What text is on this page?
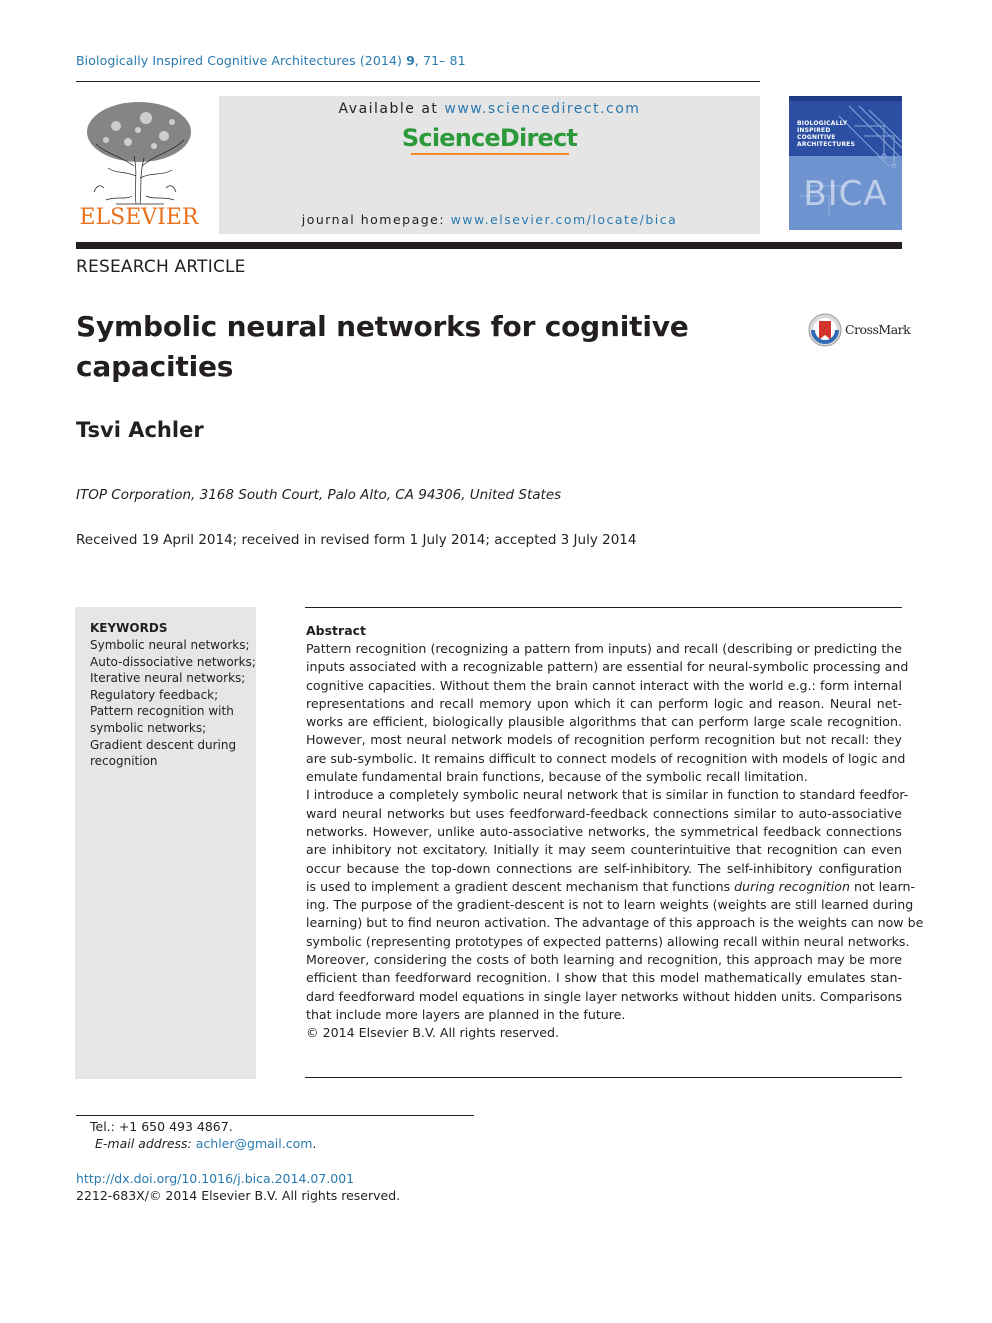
Biologically Inspired Cognitive Architectures (2014) 9, 71– 81
ELSEVIER
Available at www.sciencedirect.com
ScienceDirect
journal homepage: www.elsevier.com/locate/bica
BIOLOGICALLY INSPIRED COGNITIVE ARCHITECTURES
BICA
RESEARCH ARTICLE
Symbolic neural networks for cognitive
capacities
CrossMark
Tsvi Achler
ITOP Corporation, 3168 South Court, Palo Alto, CA 94306, United States
Received 19 April 2014; received in revised form 1 July 2014; accepted 3 July 2014
KEYWORDS
Symbolic neural networks;
Auto-dissociative networks;
Iterative neural networks;
Regulatory feedback;
Pattern recognition with
symbolic networks;
Gradient descent during
recognition
Abstract
Pattern recognition (recognizing a pattern from inputs) and recall (describing or predicting the
inputs associated with a recognizable pattern) are essential for neural-symbolic processing and
cognitive capacities. Without them the brain cannot interact with the world e.g.: form internal
representations and recall memory upon which it can perform logic and reason. Neural net-
works are efficient, biologically plausible algorithms that can perform large scale recognition.
However, most neural network models of recognition perform recognition but not recall: they
are sub-symbolic. It remains difficult to connect models of recognition with models of logic and
emulate fundamental brain functions, because of the symbolic recall limitation.
I introduce a completely symbolic neural network that is similar in function to standard feedfor-
ward neural networks but uses feedforward-feedback connections similar to auto-associative
networks. However, unlike auto-associative networks, the symmetrical feedback connections
are inhibitory not excitatory. Initially it may seem counterintuitive that recognition can even
occur because the top-down connections are self-inhibitory. The self-inhibitory configuration
is used to implement a gradient descent mechanism that functions during recognition not learn-
ing. The purpose of the gradient-descent is not to learn weights (weights are still learned during
learning) but to find neuron activation. The advantage of this approach is the weights can now be
symbolic (representing prototypes of expected patterns) allowing recall within neural networks.
Moreover, considering the costs of both learning and recognition, this approach may be more
efficient than feedforward recognition. I show that this model mathematically emulates stan-
dard feedforward model equations in single layer networks without hidden units. Comparisons
that include more layers are planned in the future.
© 2014 Elsevier B.V. All rights reserved.
Tel.: +1 650 493 4867.
E-mail address: achler@gmail.com.
http://dx.doi.org/10.1016/j.bica.2014.07.001
2212-683X/© 2014 Elsevier B.V. All rights reserved.
